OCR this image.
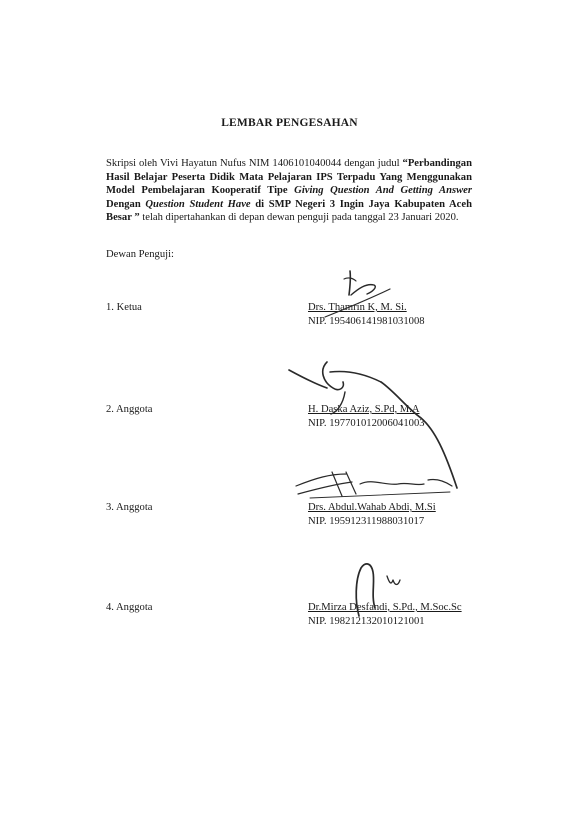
LEMBAR PENGESAHAN
Skripsi oleh Vivi Hayatun Nufus NIM 1406101040044 dengan judul “Perbandingan Hasil Belajar Peserta Didik Mata Pelajaran IPS Terpadu Yang Menggunakan Model Pembelajaran Kooperatif Tipe Giving Question And Getting Answer Dengan Question Student Have di SMP Negeri 3 Ingin Jaya Kabupaten Aceh Besar ” telah dipertahankan di depan dewan penguji pada tanggal 23 Januari 2020.
Dewan Penguji:
1. Ketua	Drs. Thamrin K, M. Si.
NIP. 195406141981031008
2. Anggota	H. Daska Aziz, S.Pd, M.A
NIP. 197701012006041003
3. Anggota	Drs. Abdul.Wahab Abdi, M.Si
NIP. 195912311988031017
4. Anggota	Dr.Mirza Desfandi, S.Pd., M.Soc.Sc
NIP. 198212132010121001
